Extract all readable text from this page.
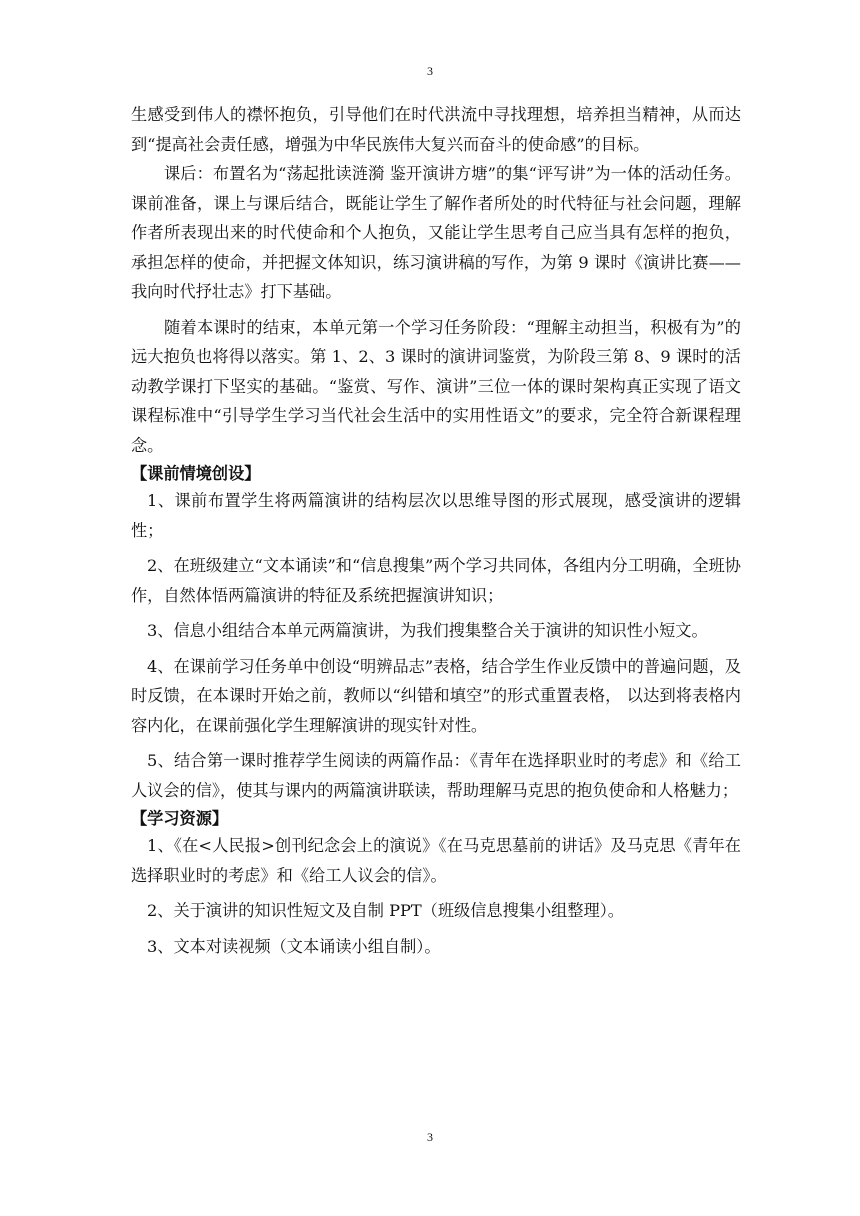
3

生感受到伟人的襟怀抱负，引导他们在时代洪流中寻找理想，培养担当精神，从而达到“提高社会责任感，增强为中华民族伟大复兴而奋斗的使命感”的目标。

课后：布置名为“荡起批读涟漪 鉴开演讲方塘”的集“评写讲”为一体的活动任务。课前准备，课上与课后结合，既能让学生了解作者所处的时代特征与社会问题，理解作者所表现出来的时代使命和个人抱负，又能让学生思考自己应当具有怎样的抱负，承担怎样的使命，并把握文体知识，练习演讲稿的写作，为第 9 课时《演讲比赛——我向时代抒壮志》打下基础。

随着本课时的结束，本单元第一个学习任务阶段：“理解主动担当，积极有为”的远大抱负也将得以落实。第 1、2、3 课时的演讲词鉴赏，为阶段三第 8、9 课时的活动教学课打下坚实的基础。“鉴赏、写作、演讲”三位一体的课时架构真正实现了语文课程标准中“引导学生学习当代社会生活中的实用性语文”的要求，完全符合新课程理念。

【课前情境创设】

1、课前布置学生将两篇演讲的结构层次以思维导图的形式展现，感受演讲的逻辑性；

2、在班级建立“文本诵读”和“信息搜集”两个学习共同体，各组内分工明确，全班协作，自然体悟两篇演讲的特征及系统把握演讲知识；

3、信息小组结合本单元两篇演讲，为我们搜集整合关于演讲的知识性小短文。

4、在课前学习任务单中创设“明辨品志”表格，结合学生作业反馈中的普遍问题，及时反馈，在本课时开始之前，教师以“纠错和填空”的形式重置表格， 以达到将表格内容内化，在课前强化学生理解演讲的现实针对性。

5、结合第一课时推荐学生阅读的两篇作品：《青年在选择职业时的考虑》和《给工人议会的信》，使其与课内的两篇演讲联读，帮助理解马克思的抱负使命和人格魅力；

【学习资源】

1、《在<人民报>创刊纪念会上的演说》《在马克思墓前的讲话》及马克思《青年在选择职业时的考虑》和《给工人议会的信》。

2、关于演讲的知识性短文及自制 PPT（班级信息搜集小组整理）。

3、文本对读视频（文本诵读小组自制）。

3
